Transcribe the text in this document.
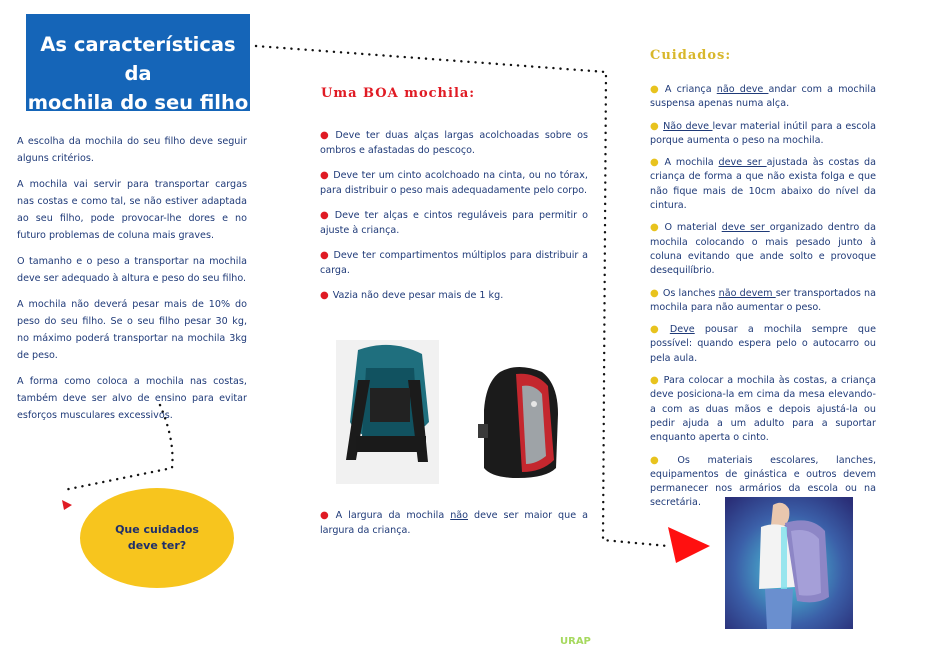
As características da
mochila do seu filho

A escolha da mochila do seu filho deve seguir alguns critérios.

A mochila vai servir para transportar cargas nas costas e como tal, se não estiver adaptada ao seu filho, pode provocar-lhe dores e no futuro problemas de coluna mais graves.

O tamanho e o peso a transportar na mochila deve ser adequado à altura e peso do seu filho.

A mochila não deverá pesar mais de 10% do peso do seu filho. Se o seu filho pesar 30 kg, no máximo poderá transportar na mochila 3kg de peso.

A forma como coloca a mochila nas costas, também deve ser alvo de ensino para evitar esforços musculares excessivos.

Que cuidados
deve ter?
Uma BOA mochila:

● Deve ter duas alças largas acolchoadas sobre os ombros e afastadas do pescoço.

● Deve ter um cinto acolchoado na cinta, ou no tórax, para distribuir o peso mais adequadamente pelo corpo.

● Deve ter alças e cintos reguláveis para permitir o ajuste à criança.

● Deve ter compartimentos múltiplos para distribuir a carga.

● Vazia não deve pesar mais de 1 kg.

● A largura da mochila não deve ser maior que a largura da criança.

Cuidados:

● A criança não deve andar com a mochila suspensa apenas numa alça.

● Não deve levar material inútil para a escola porque aumenta o peso na mochila.

● A mochila deve ser ajustada às costas da criança de forma a que não exista folga e que não fique mais de 10cm abaixo do nível da cintura.

● O material deve ser organizado dentro da mochila colocando o mais pesado junto à coluna evitando que ande solto e provoque desequilíbrio.

● Os lanches não devem ser transportados na mochila para não aumentar o peso.

● Deve pousar a mochila sempre que possível: quando espera pelo o autocarro ou pela aula.

● Para colocar a mochila às costas, a criança deve posiciona-la em cima da mesa elevando-a com as duas mãos e depois ajustá-la ou pedir ajuda a um adulto para a suportar enquanto aperta o cinto.

● Os materiais escolares, lanches, equipamentos de ginástica e outros devem permanecer nos armários da escola ou na secretária.

URAP
